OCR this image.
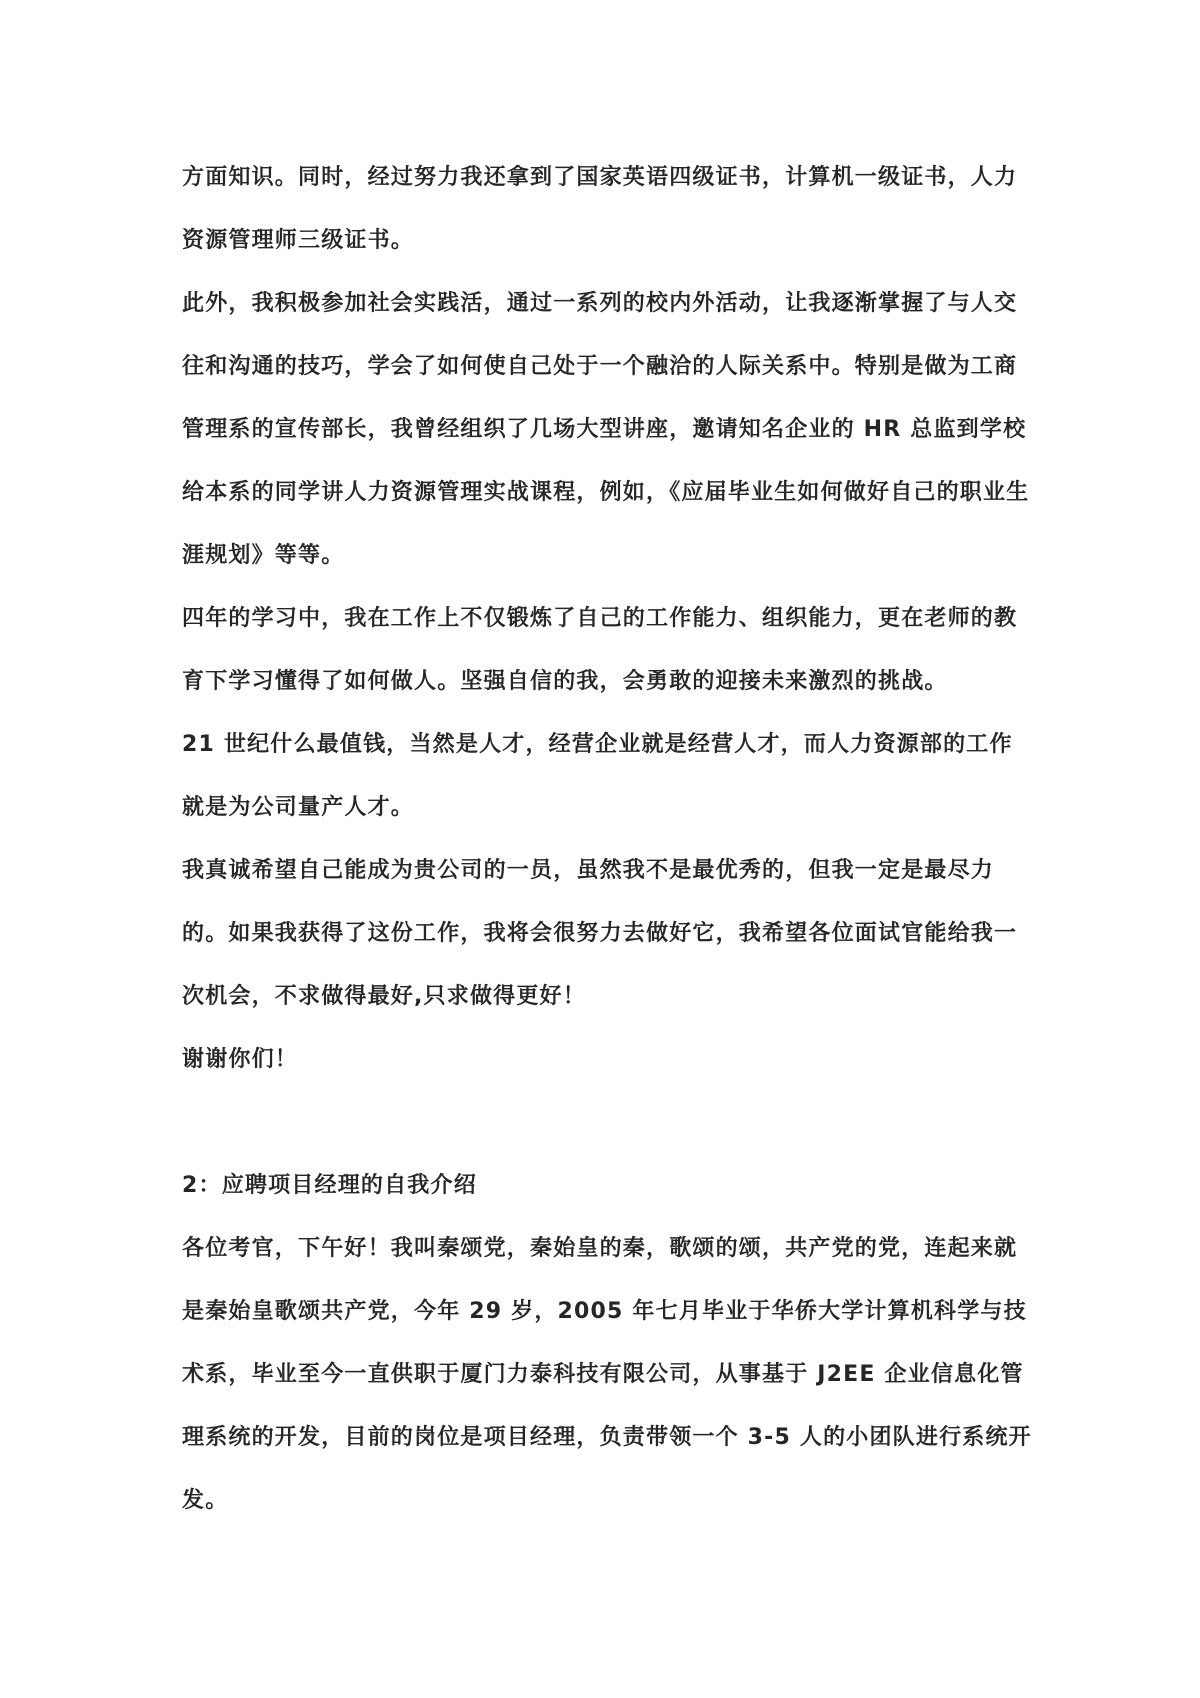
方面知识。同时，经过努力我还拿到了国家英语四级证书，计算机一级证书，人力资源管理师三级证书。

此外，我积极参加社会实践活，通过一系列的校内外活动，让我逐渐掌握了与人交往和沟通的技巧，学会了如何使自己处于一个融洽的人际关系中。特别是做为工商管理系的宣传部长，我曾经组织了几场大型讲座，邀请知名企业的 HR 总监到学校给本系的同学讲人力资源管理实战课程，例如，《应届毕业生如何做好自己的职业生涯规划》等等。

四年的学习中，我在工作上不仅锻炼了自己的工作能力、组织能力，更在老师的教育下学习懂得了如何做人。坚强自信的我，会勇敢的迎接未来激烈的挑战。

21 世纪什么最值钱，当然是人才，经营企业就是经营人才，而人力资源部的工作就是为公司量产人才。

我真诚希望自己能成为贵公司的一员，虽然我不是最优秀的，但我一定是最尽力的。如果我获得了这份工作，我将会很努力去做好它，我希望各位面试官能给我一次机会，不求做得最好,只求做得更好！

谢谢你们！

2：应聘项目经理的自我介绍

各位考官，下午好！我叫秦颂党，秦始皇的秦，歌颂的颂，共产党的党，连起来就是秦始皇歌颂共产党，今年 29 岁，2005 年七月毕业于华侨大学计算机科学与技术系，毕业至今一直供职于厦门力泰科技有限公司，从事基于 J2EE 企业信息化管理系统的开发，目前的岗位是项目经理，负责带领一个 3-5 人的小团队进行系统开发。
